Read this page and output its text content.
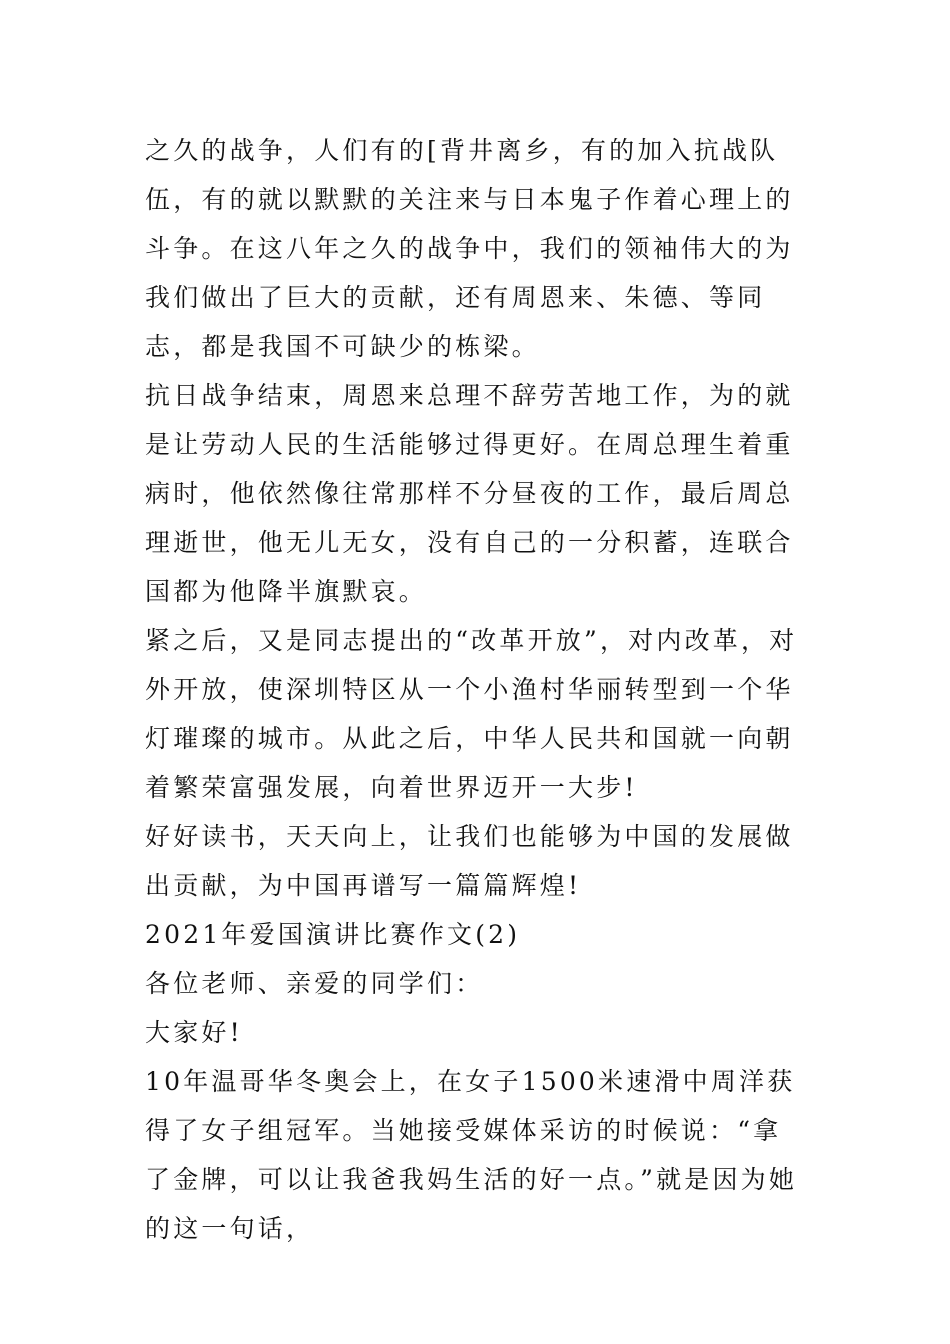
之久的战争，人们有的[背井离乡，有的加入抗战队伍，有的就以默默的关注来与日本鬼子作着心理上的斗争。在这八年之久的战争中，我们的领袖伟大的为我们做出了巨大的贡献，还有周恩来、朱德、等同志，都是我国不可缺少的栋梁。

抗日战争结束，周恩来总理不辞劳苦地工作，为的就是让劳动人民的生活能够过得更好。在周总理生着重病时，他依然像往常那样不分昼夜的工作，最后周总理逝世，他无儿无女，没有自己的一分积蓄，连联合国都为他降半旗默哀。

紧之后，又是同志提出的“改革开放”，对内改革，对外开放，使深圳特区从一个小渔村华丽转型到一个华灯璀璨的城市。从此之后，中华人民共和国就一向朝着繁荣富强发展，向着世界迈开一大步!

好好读书，天天向上，让我们也能够为中国的发展做出贡献，为中国再谱写一篇篇辉煌!

2021年爱国演讲比赛作文(2)

各位老师、亲爱的同学们：

大家好!

10年温哥华冬奥会上，在女子1500米速滑中周洋获得了女子组冠军。当她接受媒体采访的时候说：“拿了金牌，可以让我爸我妈生活的好一点。”就是因为她的这一句话，
